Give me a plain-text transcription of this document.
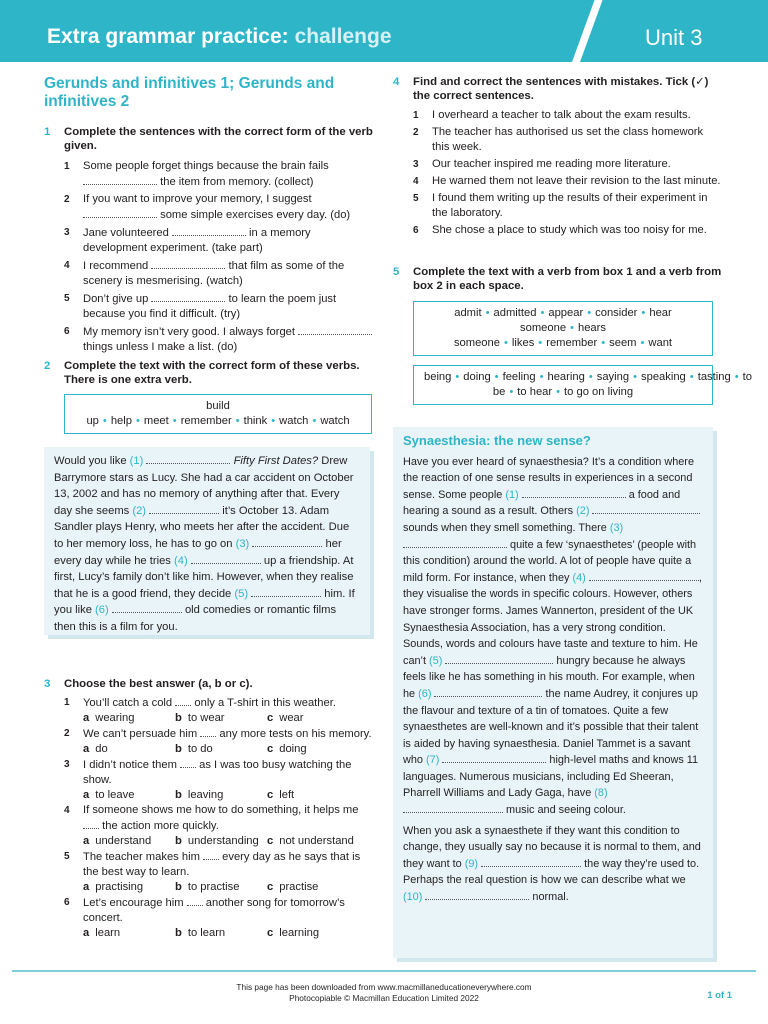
Extra grammar practice: challenge	Unit 3
Gerunds and infinitives 1; Gerunds and infinitives 2
1	Complete the sentences with the correct form of the verb given.
1	Some people forget things because the brain fails  the item from memory. (collect)
2	If you want to improve your memory, I suggest  some simple exercises every day. (do)
3	Jane volunteered	in a memory development experiment. (take part)
4	I recommend	that film as some of the scenery is mesmerising. (watch)
5	Don’t give up	to learn the poem just because you find it difficult. (try)
6	My memory isn’t very good. I always forget  things unless I make a list. (do)
2	Complete the text with the correct form of these verbs. There is one extra verb.
build up • help • meet • remember • think • watch • watch
Would you like (1)	Fifty First Dates? Drew Barrymore stars as Lucy. She had a car accident on October 13, 2002 and has no memory of anything after that. Every day she seems (2)	it’s October 13. Adam Sandler plays Henry, who meets her after the accident. Due to her memory loss, he has to go on (3)	her every day while he tries (4)	up a friendship. At first, Lucy’s family don’t like him. However, when they realise that he is a good friend, they decide (5)	him. If you like (6)	old comedies or romantic films then this is a film for you.
3	Choose the best answer (a, b or c).
1	You’ll catch a cold  only a T-shirt in this weather.
a wearing	b to wear	c wear
2	We can’t persuade him  any more tests on his memory.
a do	b to do	c doing
3	I didn’t notice them  as I was too busy watching the show.
a to leave	b leaving	c left
4	If someone shows me how to do something, it helps me  the action more quickly.
a understand	b understanding c not understand
5	The teacher makes him  every day as he says that is the best way to learn.
a practising	b to practise	c practise
6	Let’s encourage him  another song for tomorrow’s concert.
a learn	b to learn	c learning
4	Find and correct the sentences with mistakes. Tick (✓) the correct sentences.
1	I overheard a teacher to talk about the exam results.
2	The teacher has authorised us set the class homework this week.
3	Our teacher inspired me reading more literature.
4	He warned them not leave their revision to the last minute.
5	I found them writing up the results of their experiment in the laboratory.
6	She chose a place to study which was too noisy for me.
5	Complete the text with a verb from box 1 and a verb from box 2 in each space.
admit • admitted • appear • consider • hear someone • hears someone • likes • remember • seem • want
being • doing • feeling • hearing • saying • speaking • tasting • to be • to hear • to go on living
Synaesthesia: the new sense?
Have you ever heard of synaesthesia? It’s a condition where the reaction of one sense results in experiences in a second sense. Some people (1)	a food and hearing a sound as a result. Others (2)  sounds when they smell something. There (3)  quite a few ‘synaesthetes’ (people with this condition) around the world. A lot of people have quite a mild form. For instance, when they (4)	, they visualise the words in specific colours. However, others have stronger forms. James Wannerton, president of the UK Synaesthesia Association, has a very strong condition. Sounds, words and colours have taste and texture to him. He can’t (5)	hungry because he always feels like he has something in his mouth. For example, when he (6)	the name Audrey, it conjures up the flavour and texture of a tin of tomatoes. Quite a few synaesthetes are well-known and it’s possible that their talent is aided by having synaesthesia. Daniel Tammet is a savant who (7)	high-level maths and knows 11 languages. Numerous musicians, including Ed Sheeran, Pharrell Williams and Lady Gaga, have (8)  music and seeing colour.
When you ask a synaesthete if they want this condition to change, they usually say no because it is normal to them, and they want to (9)	the way they’re used to. Perhaps the real question is how we can describe what we (10)	normal.
This page has been downloaded from www.macmillaneducationeverywhere.com
Photocopiable © Macmillan Education Limited 2022	1 of 1
